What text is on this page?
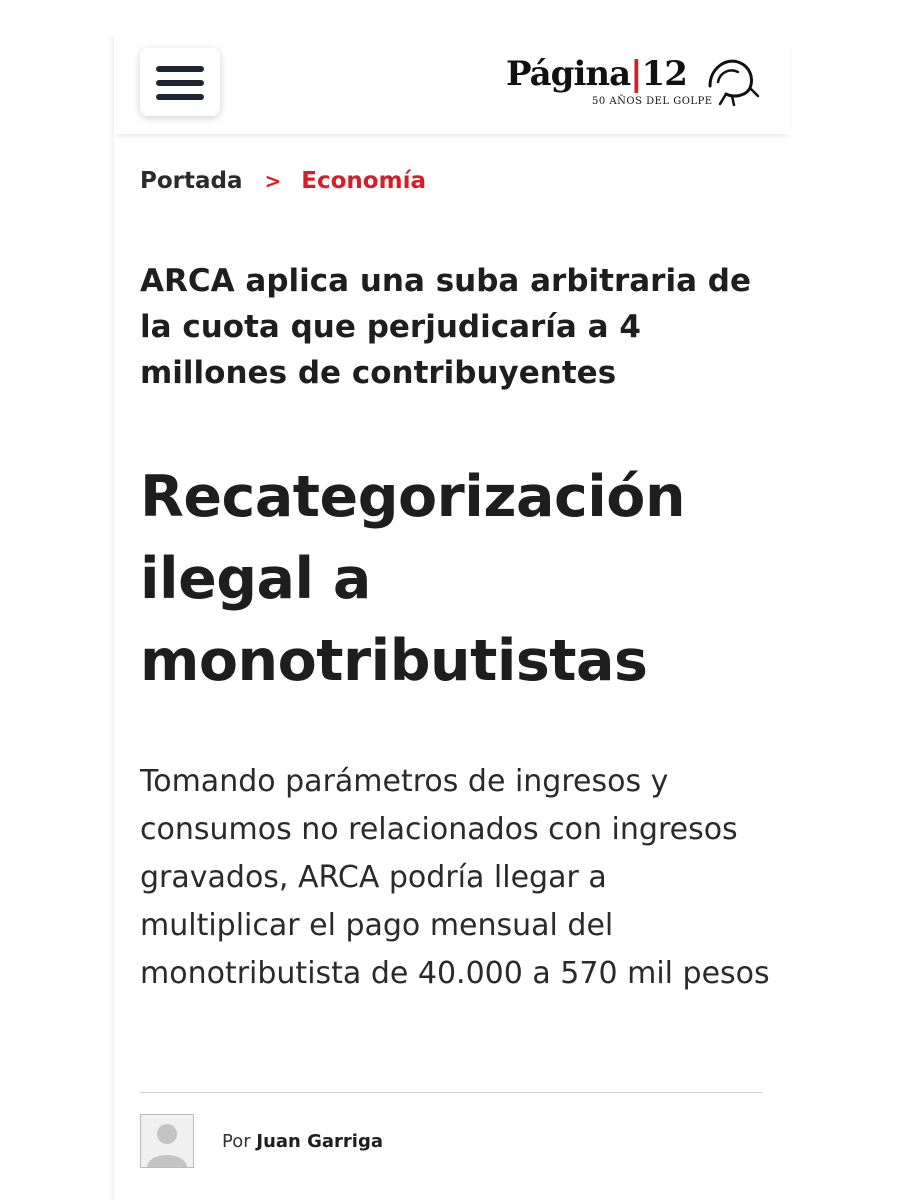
Página|12
50 AÑOS DEL GOLPE
Portada > Economía
ARCA aplica una suba arbitraria de la cuota que perjudicaría a 4 millones de contribuyentes
Recategorización ilegal a monotributistas

Tomando parámetros de ingresos y consumos no relacionados con ingresos gravados, ARCA podría llegar a multiplicar el pago mensual del monotributista de 40.000 a 570 mil pesos

Por Juan Garriga
